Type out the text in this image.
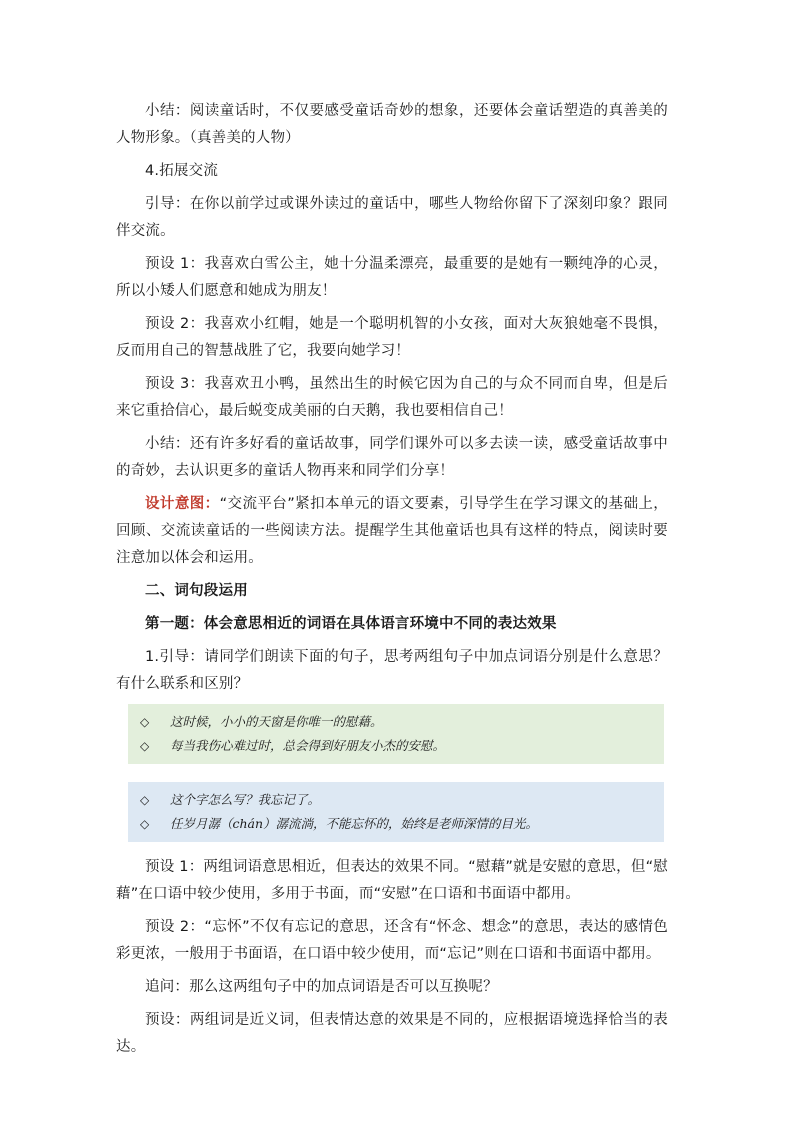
小结：阅读童话时，不仅要感受童话奇妙的想象，还要体会童话塑造的真善美的人物形象。（真善美的人物）

4.拓展交流

引导：在你以前学过或课外读过的童话中，哪些人物给你留下了深刻印象？跟同伴交流。

预设 1：我喜欢白雪公主，她十分温柔漂亮，最重要的是她有一颗纯净的心灵，所以小矮人们愿意和她成为朋友！

预设 2：我喜欢小红帽，她是一个聪明机智的小女孩，面对大灰狼她毫不畏惧，反而用自己的智慧战胜了它，我要向她学习！

预设 3：我喜欢丑小鸭，虽然出生的时候它因为自己的与众不同而自卑，但是后来它重拾信心，最后蜕变成美丽的白天鹅，我也要相信自己！

小结：还有许多好看的童话故事，同学们课外可以多去读一读，感受童话故事中的奇妙，去认识更多的童话人物再来和同学们分享！

设计意图：“交流平台”紧扣本单元的语文要素，引导学生在学习课文的基础上，回顾、交流读童话的一些阅读方法。提醒学生其他童话也具有这样的特点，阅读时要注意加以体会和运用。

二、词句段运用

第一题：体会意思相近的词语在具体语言环境中不同的表达效果

1.引导：请同学们朗读下面的句子，思考两组句子中加点词语分别是什么意思？有什么联系和区别？

◇	这时候，小小的天窗是你唯一的慰藉。
◇	每当我伤心难过时，总会得到好朋友小杰的安慰。
◇	这个字怎么写？我忘记了。
◇	任岁月潺（chán）潺流淌，不能忘怀的，始终是老师深情的目光。

预设 1：两组词语意思相近，但表达的效果不同。“慰藉”就是安慰的意思，但“慰藉”在口语中较少使用，多用于书面，而“安慰”在口语和书面语中都用。

预设 2：“忘怀”不仅有忘记的意思，还含有“怀念、想念”的意思，表达的感情色彩更浓，一般用于书面语，在口语中较少使用，而“忘记”则在口语和书面语中都用。

追问：那么这两组句子中的加点词语是否可以互换呢？

预设：两组词是近义词，但表情达意的效果是不同的，应根据语境选择恰当的表达。
